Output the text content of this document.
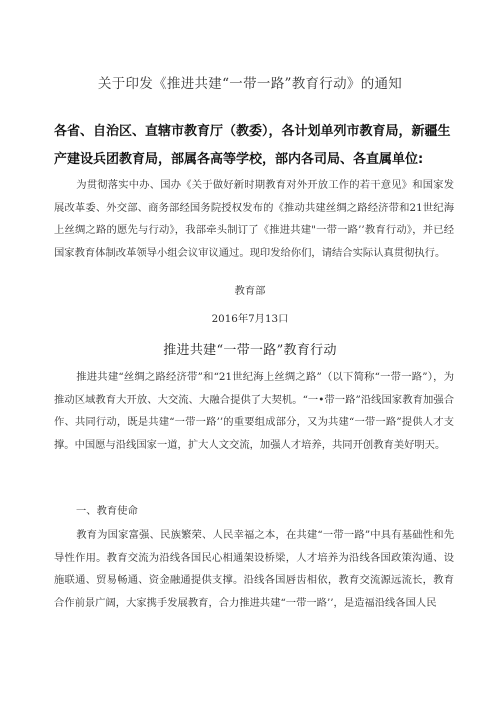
关于印发《推进共建“一带一路”教育行动》的通知
各省、自治区、直辖市教育厅（教委），各计划单列市教育局，新疆生产建设兵团教育局，部属各高等学校，部内各司局、各直属单位:

为贯彻落实中办、国办《关于做好新时期教育对外开放工作的若干意见》和国家发展改革委、外交部、商务部经国务院授权发布的《推动共建丝绸之路经济带和21世纪海上丝绸之路的愿先与行动》，我部牵头制订了《推进共建"一带一路’’教育行动》，并已经国家教育体制改革领导小组会议审议通过。现印发给你们，请结合实际认真贯彻执行。

教育部
2016年7月13口
推进共建“一带一路”教育行动

推进共建“丝绸之路经济带”和“21世纪海上丝绸之路”（以下简称“一带一路”），为推动区域教育大开放、大交流、大融合提供了大契机。“一•带一路”沿线国家教育加强合作、共同行动，既是共建“一带一路’’的重要组成部分，又为共建“一带一路”提供人才支撑。中国愿与沿线国家一道，扩大人文交流，加强人才培养，共同开创教育美好明天。

一、教育使命

教育为国家富强、民族繁荣、人民幸福之本，在共建“一带一路”中具有基础性和先导性作用。教育交流为沿线各国民心相通架设桥梁，人才培养为沿线各国政策沟通、设施联通、贸易畅通、资金融通提供支撑。沿线各国唇齿相依，教育交流源远流长，教育合作前景广阔，大家携手发展教育，合力推进共建“一带一路’’，是造福沿线各国人民
